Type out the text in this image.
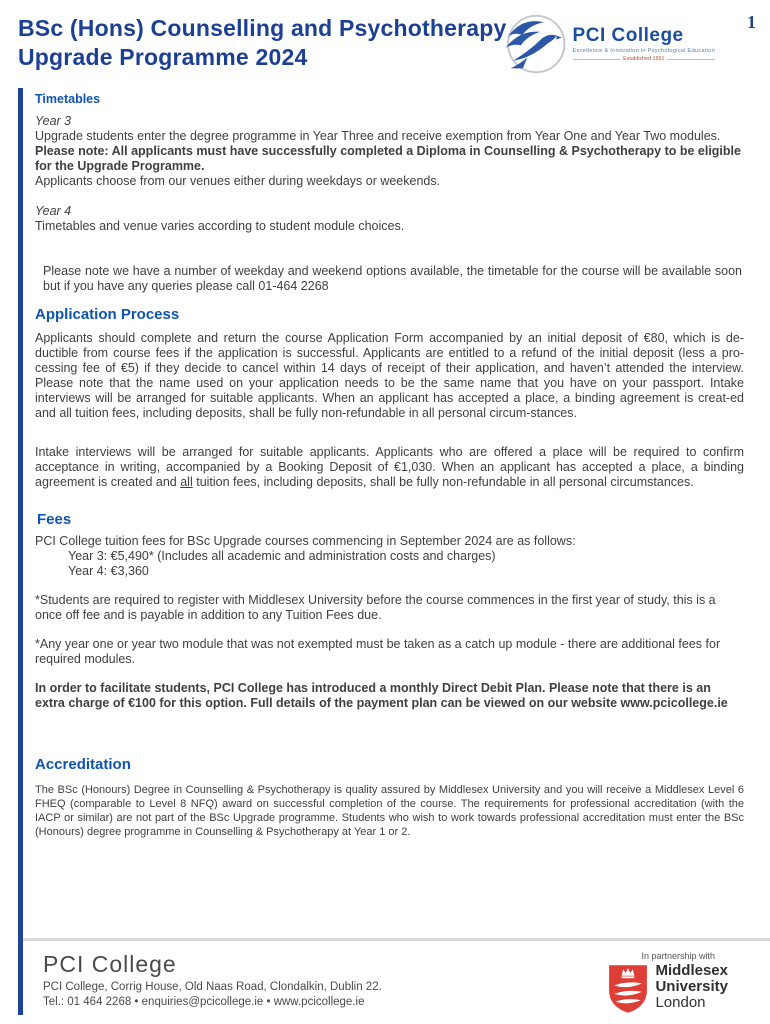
BSc (Hons) Counselling and Psychotherapy
Upgrade Programme 2024
PCI College
Excellence & Innovation in Psychological Education
Established 1991
1
Timetables
Year 3
Upgrade students enter the degree programme in Year Three and receive exemption from Year One and Year Two modules. Please note: All applicants must have successfully completed a Diploma in Counselling & Psychotherapy to be eligible for the Upgrade Programme.
Applicants choose from our venues either during weekdays or weekends.
Year 4
Timetables and venue varies according to student module choices.
Please note we have a number of weekday and weekend options available, the timetable for the course will be available soon but if you have any queries please call 01-464 2268
Application Process
Applicants should complete and return the course Application Form accompanied by an initial deposit of €80, which is de-ductible from course fees if the application is successful. Applicants are entitled to a refund of the initial deposit (less a pro-cessing fee of €5) if they decide to cancel within 14 days of receipt of their application, and haven’t attended the interview. Please note that the name used on your application needs to be the same name that you have on your passport. Intake interviews will be arranged for suitable applicants. When an applicant has accepted a place, a binding agreement is creat-ed and all tuition fees, including deposits, shall be fully non-refundable in all personal circum-stances.
Intake interviews will be arranged for suitable applicants. Applicants who are offered a place will be required to confirm acceptance in writing, accompanied by a Booking Deposit of €1,030. When an applicant has accepted a place, a binding agreement is created and all tuition fees, including deposits, shall be fully non-refundable in all personal circumstances.
Fees
PCI College tuition fees for BSc Upgrade courses commencing in September 2024 are as follows:
Year 3: €5,490* (Includes all academic and administration costs and charges)
Year 4: €3,360
*Students are required to register with Middlesex University before the course commences in the first year of study, this is a once off fee and is payable in addition to any Tuition Fees due.
*Any year one or year two module that was not exempted must be taken as a catch up module - there are additional fees for required modules.
In order to facilitate students, PCI College has introduced a monthly Direct Debit Plan. Please note that there is an extra charge of €100 for this option. Full details of the payment plan can be viewed on our website www.pcicollege.ie
Accreditation
The BSc (Honours) Degree in Counselling & Psychotherapy is quality assured by Middlesex University and you will receive a Middlesex Level 6 FHEQ (comparable to Level 8 NFQ) award on successful completion of the course. The requirements for professional accreditation (with the IACP or similar) are not part of the BSc Upgrade programme. Students who wish to work towards professional accreditation must enter the BSc (Honours) degree programme in Counselling & Psychotherapy at Year 1 or 2.
PCI College
PCI College, Corrig House, Old Naas Road, Clondalkin, Dublin 22.
Tel.: 01 464 2268 • enquiries@pcicollege.ie • www.pcicollege.ie
In partnership with
Middlesex
University
London
